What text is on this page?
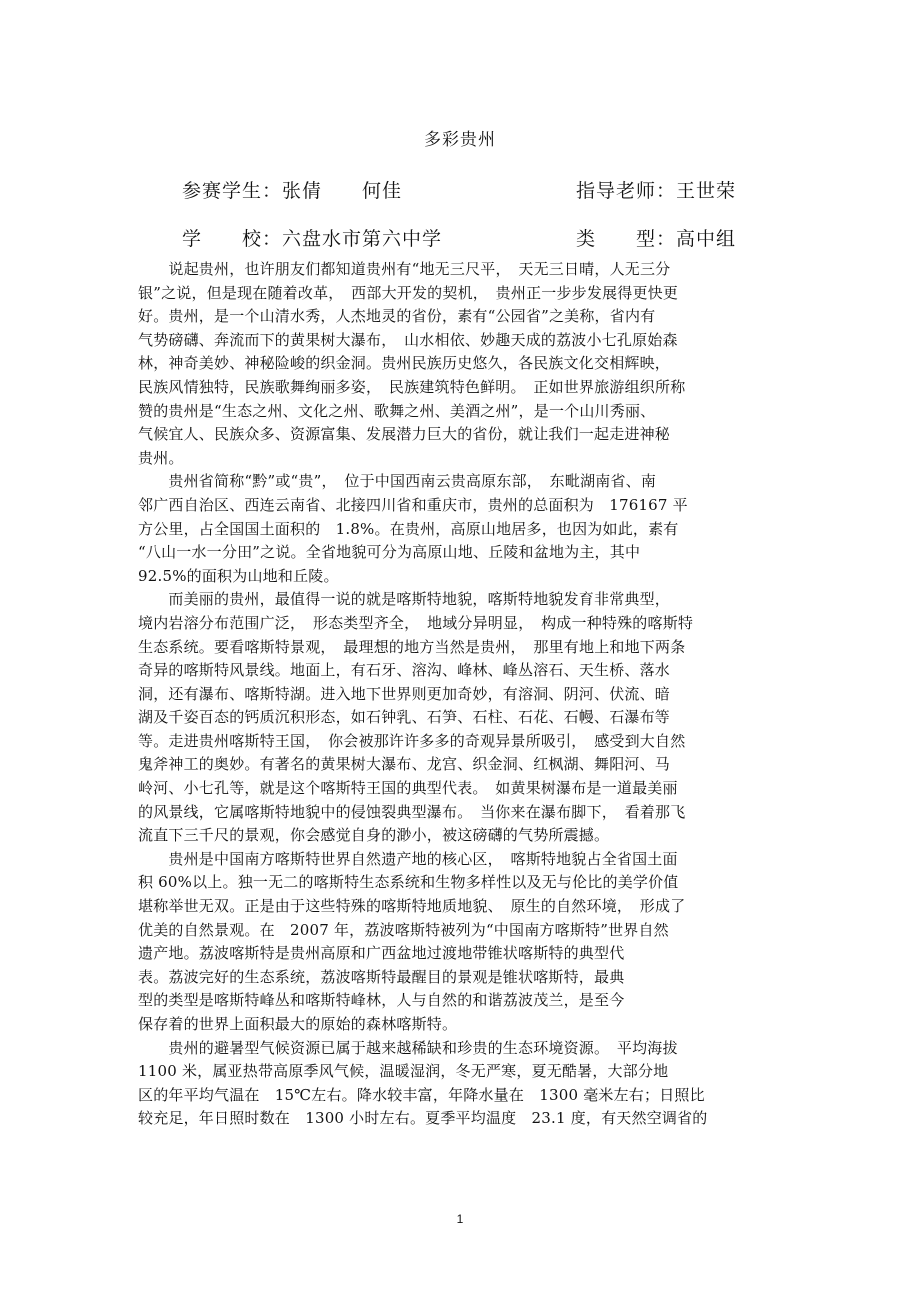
多彩贵州
参赛学生：张倩　　何佳	指导老师：王世荣
学　　校：六盘水市第六中学	类　　型：高中组
　　说起贵州，也许朋友们都知道贵州有“地无三尺平，　天无三日晴，人无三分
银”之说，但是现在随着改革，　西部大开发的契机，　贵州正一步步发展得更快更
好。贵州，是一个山清水秀，人杰地灵的省份，素有“公园省”之美称，省内有
气势磅礴、奔流而下的黄果树大瀑布，　山水相依、妙趣天成的荔波小七孔原始森
林，神奇美妙、神秘险峻的织金洞。贵州民族历史悠久，各民族文化交相辉映，
民族风情独特，民族歌舞绚丽多姿，　民族建筑特色鲜明。　正如世界旅游组织所称
赞的贵州是“生态之州、文化之州、歌舞之州、美酒之州”，是一个山川秀丽、
气候宜人、民族众多、资源富集、发展潜力巨大的省份，就让我们一起走进神秘
贵州。
　　贵州省简称“黔”或“贵”，　位于中国西南云贵高原东部，　东毗湖南省、南
邻广西自治区、西连云南省、北接四川省和重庆市，贵州的总面积为　176167 平
方公里，占全国国土面积的　1.8%。在贵州，高原山地居多，也因为如此，素有
“八山一水一分田”之说。全省地貌可分为高原山地、丘陵和盆地为主，其中
92.5%的面积为山地和丘陵。
　　而美丽的贵州，最值得一说的就是喀斯特地貌，喀斯特地貌发育非常典型，
境内岩溶分布范围广泛，　形态类型齐全，　地域分异明显，　构成一种特殊的喀斯特
生态系统。要看喀斯特景观，　最理想的地方当然是贵州，　那里有地上和地下两条
奇异的喀斯特风景线。地面上，有石牙、溶沟、峰林、峰丛溶石、天生桥、落水
洞，还有瀑布、喀斯特湖。进入地下世界则更加奇妙，有溶洞、阴河、伏流、暗
湖及千姿百态的钙质沉积形态，如石钟乳、石笋、石柱、石花、石幔、石瀑布等
等。走进贵州喀斯特王国，　你会被那许许多多的奇观异景所吸引，　感受到大自然
鬼斧神工的奥妙。有著名的黄果树大瀑布、龙宫、织金洞、红枫湖、舞阳河、马
岭河、小七孔等，就是这个喀斯特王国的典型代表。　如黄果树瀑布是一道最美丽
的风景线，它属喀斯特地貌中的侵蚀裂典型瀑布。　当你来在瀑布脚下，　看着那飞
流直下三千尺的景观，你会感觉自身的渺小，被这磅礴的气势所震撼。
　　贵州是中国南方喀斯特世界自然遗产地的核心区，　喀斯特地貌占全省国土面
积 60%以上。独一无二的喀斯特生态系统和生物多样性以及无与伦比的美学价值
堪称举世无双。正是由于这些特殊的喀斯特地质地貌、　原生的自然环境，　形成了
优美的自然景观。在　2007 年，荔波喀斯特被列为“中国南方喀斯特”世界自然
遗产地。荔波喀斯特是贵州高原和广西盆地过渡地带锥状喀斯特的典型代
表。荔波完好的生态系统，荔波喀斯特最醒目的景观是锥状喀斯特，最典
型的类型是喀斯特峰丛和喀斯特峰林，人与自然的和谐荔波茂兰，是至今
保存着的世界上面积最大的原始的森林喀斯特。
　　贵州的避暑型气候资源已属于越来越稀缺和珍贵的生态环境资源。　平均海拔
1100 米，属亚热带高原季风气候，温暖湿润，冬无严寒，夏无酷暑，大部分地
区的年平均气温在　15℃左右。降水较丰富，年降水量在　1300 毫米左右；日照比
较充足，年日照时数在　1300 小时左右。夏季平均温度　23.1 度，有天然空调省的
1
